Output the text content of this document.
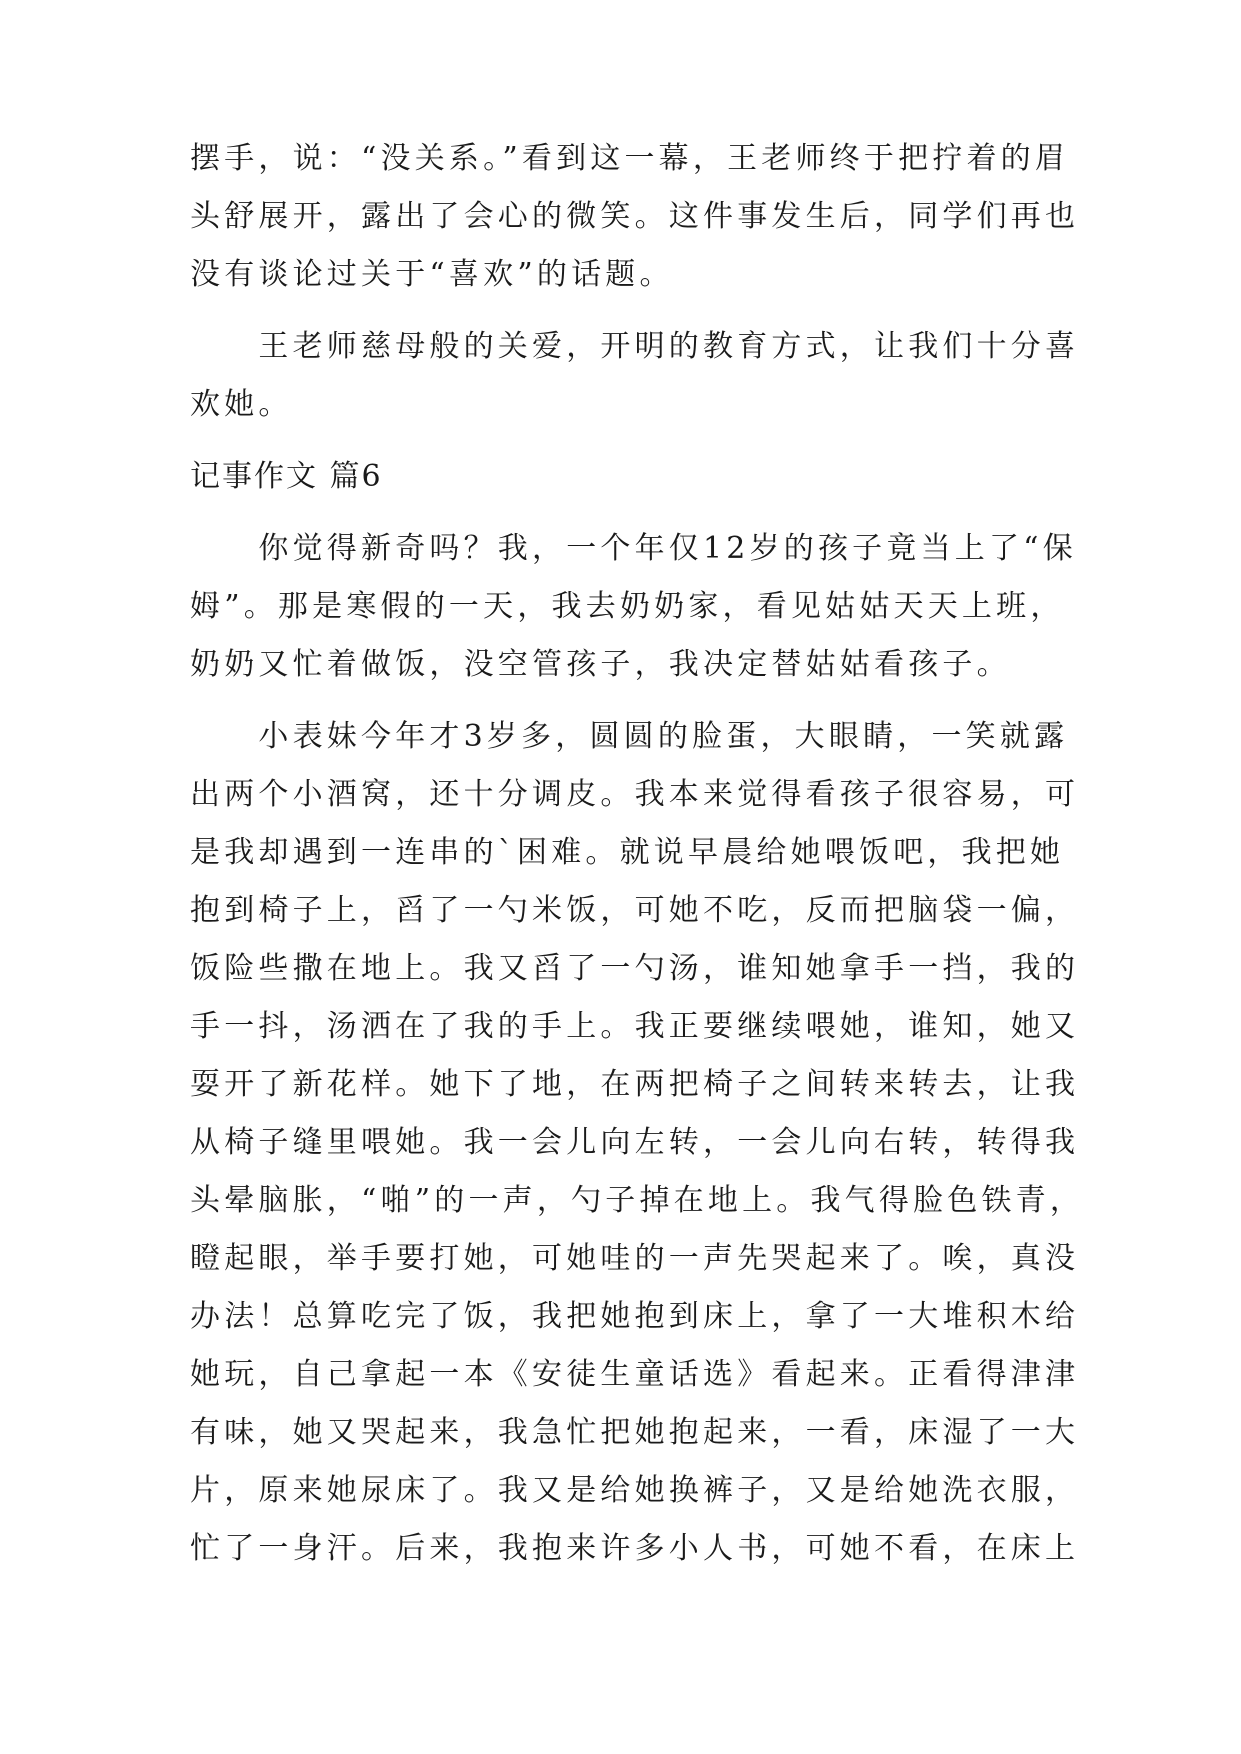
摆手，说：“没关系。”看到这一幕，王老师终于把拧着的眉
头舒展开，露出了会心的微笑。这件事发生后，同学们再也
没有谈论过关于“喜欢”的话题。
　　王老师慈母般的关爱，开明的教育方式，让我们十分喜
欢她。
记事作文 篇6
　　你觉得新奇吗？我，一个年仅12岁的孩子竟当上了“保
姆”。那是寒假的一天，我去奶奶家，看见姑姑天天上班，
奶奶又忙着做饭，没空管孩子，我决定替姑姑看孩子。
　　小表妹今年才3岁多，圆圆的脸蛋，大眼睛，一笑就露
出两个小酒窝，还十分调皮。我本来觉得看孩子很容易，可
是我却遇到一连串的`困难。就说早晨给她喂饭吧，我把她
抱到椅子上，舀了一勺米饭，可她不吃，反而把脑袋一偏，
饭险些撒在地上。我又舀了一勺汤，谁知她拿手一挡，我的
手一抖，汤洒在了我的手上。我正要继续喂她，谁知，她又
耍开了新花样。她下了地，在两把椅子之间转来转去，让我
从椅子缝里喂她。我一会儿向左转，一会儿向右转，转得我
头晕脑胀，“啪”的一声，勺子掉在地上。我气得脸色铁青，
瞪起眼，举手要打她，可她哇的一声先哭起来了。唉，真没
办法！总算吃完了饭，我把她抱到床上，拿了一大堆积木给
她玩，自己拿起一本《安徒生童话选》看起来。正看得津津
有味，她又哭起来，我急忙把她抱起来，一看，床湿了一大
片，原来她尿床了。我又是给她换裤子，又是给她洗衣服，
忙了一身汗。后来，我抱来许多小人书，可她不看，在床上
